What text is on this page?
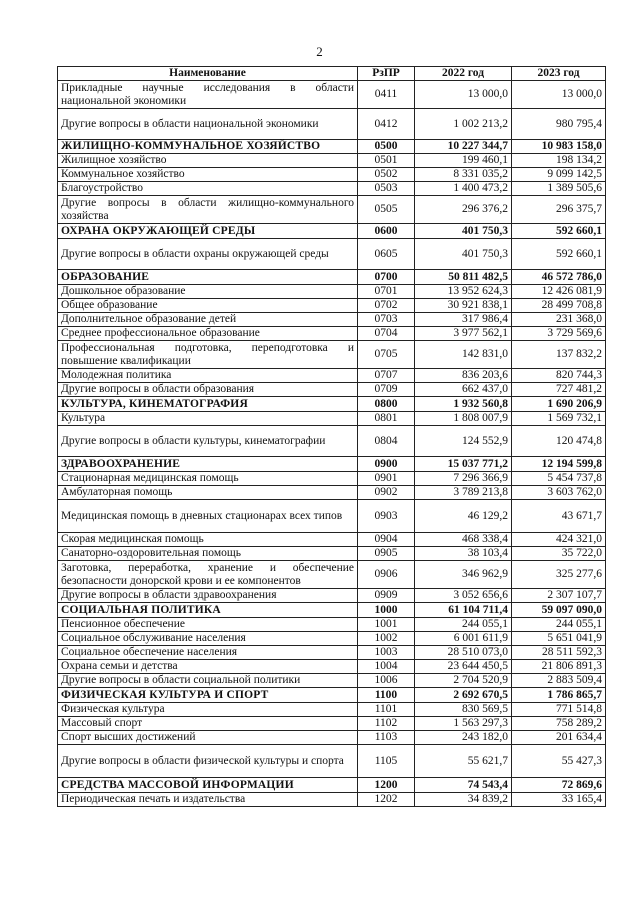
2
Наименование	РзПР	2022 год	2023 год
Прикладные научные исследования в области национальной экономики	0411	13 000,0	13 000,0
Другие вопросы в области национальной экономики	0412	1 002 213,2	980 795,4
ЖИЛИЩНО-КОММУНАЛЬНОЕ ХОЗЯЙСТВО	0500	10 227 344,7	10 983 158,0
Жилищное хозяйство	0501	199 460,1	198 134,2
Коммунальное хозяйство	0502	8 331 035,2	9 099 142,5
Благоустройство	0503	1 400 473,2	1 389 505,6
Другие вопросы в области жилищно-коммунального хозяйства	0505	296 376,2	296 375,7
ОХРАНА ОКРУЖАЮЩЕЙ СРЕДЫ	0600	401 750,3	592 660,1
Другие вопросы в области охраны окружающей среды	0605	401 750,3	592 660,1
ОБРАЗОВАНИЕ	0700	50 811 482,5	46 572 786,0
Дошкольное образование	0701	13 952 624,3	12 426 081,9
Общее образование	0702	30 921 838,1	28 499 708,8
Дополнительное образование детей	0703	317 986,4	231 368,0
Среднее профессиональное образование	0704	3 977 562,1	3 729 569,6
Профессиональная подготовка, переподготовка и повышение квалификации	0705	142 831,0	137 832,2
Молодежная политика	0707	836 203,6	820 744,3
Другие вопросы в области образования	0709	662 437,0	727 481,2
КУЛЬТУРА, КИНЕМАТОГРАФИЯ	0800	1 932 560,8	1 690 206,9
Культура	0801	1 808 007,9	1 569 732,1
Другие вопросы в области культуры, кинематографии	0804	124 552,9	120 474,8
ЗДРАВООХРАНЕНИЕ	0900	15 037 771,2	12 194 599,8
Стационарная медицинская помощь	0901	7 296 366,9	5 454 737,8
Амбулаторная помощь	0902	3 789 213,8	3 603 762,0
Медицинская помощь в дневных стационарах всех типов	0903	46 129,2	43 671,7
Скорая медицинская помощь	0904	468 338,4	424 321,0
Санаторно-оздоровительная помощь	0905	38 103,4	35 722,0
Заготовка, переработка, хранение и обеспечение безопасности донорской крови и ее компонентов	0906	346 962,9	325 277,6
Другие вопросы в области здравоохранения	0909	3 052 656,6	2 307 107,7
СОЦИАЛЬНАЯ ПОЛИТИКА	1000	61 104 711,4	59 097 090,0
Пенсионное обеспечение	1001	244 055,1	244 055,1
Социальное обслуживание населения	1002	6 001 611,9	5 651 041,9
Социальное обеспечение населения	1003	28 510 073,0	28 511 592,3
Охрана семьи и детства	1004	23 644 450,5	21 806 891,3
Другие вопросы в области социальной политики	1006	2 704 520,9	2 883 509,4
ФИЗИЧЕСКАЯ КУЛЬТУРА И СПОРТ	1100	2 692 670,5	1 786 865,7
Физическая культура	1101	830 569,5	771 514,8
Массовый спорт	1102	1 563 297,3	758 289,2
Спорт высших достижений	1103	243 182,0	201 634,4
Другие вопросы в области физической культуры и спорта	1105	55 621,7	55 427,3
СРЕДСТВА МАССОВОЙ ИНФОРМАЦИИ	1200	74 543,4	72 869,6
Периодическая печать и издательства	1202	34 839,2	33 165,4
